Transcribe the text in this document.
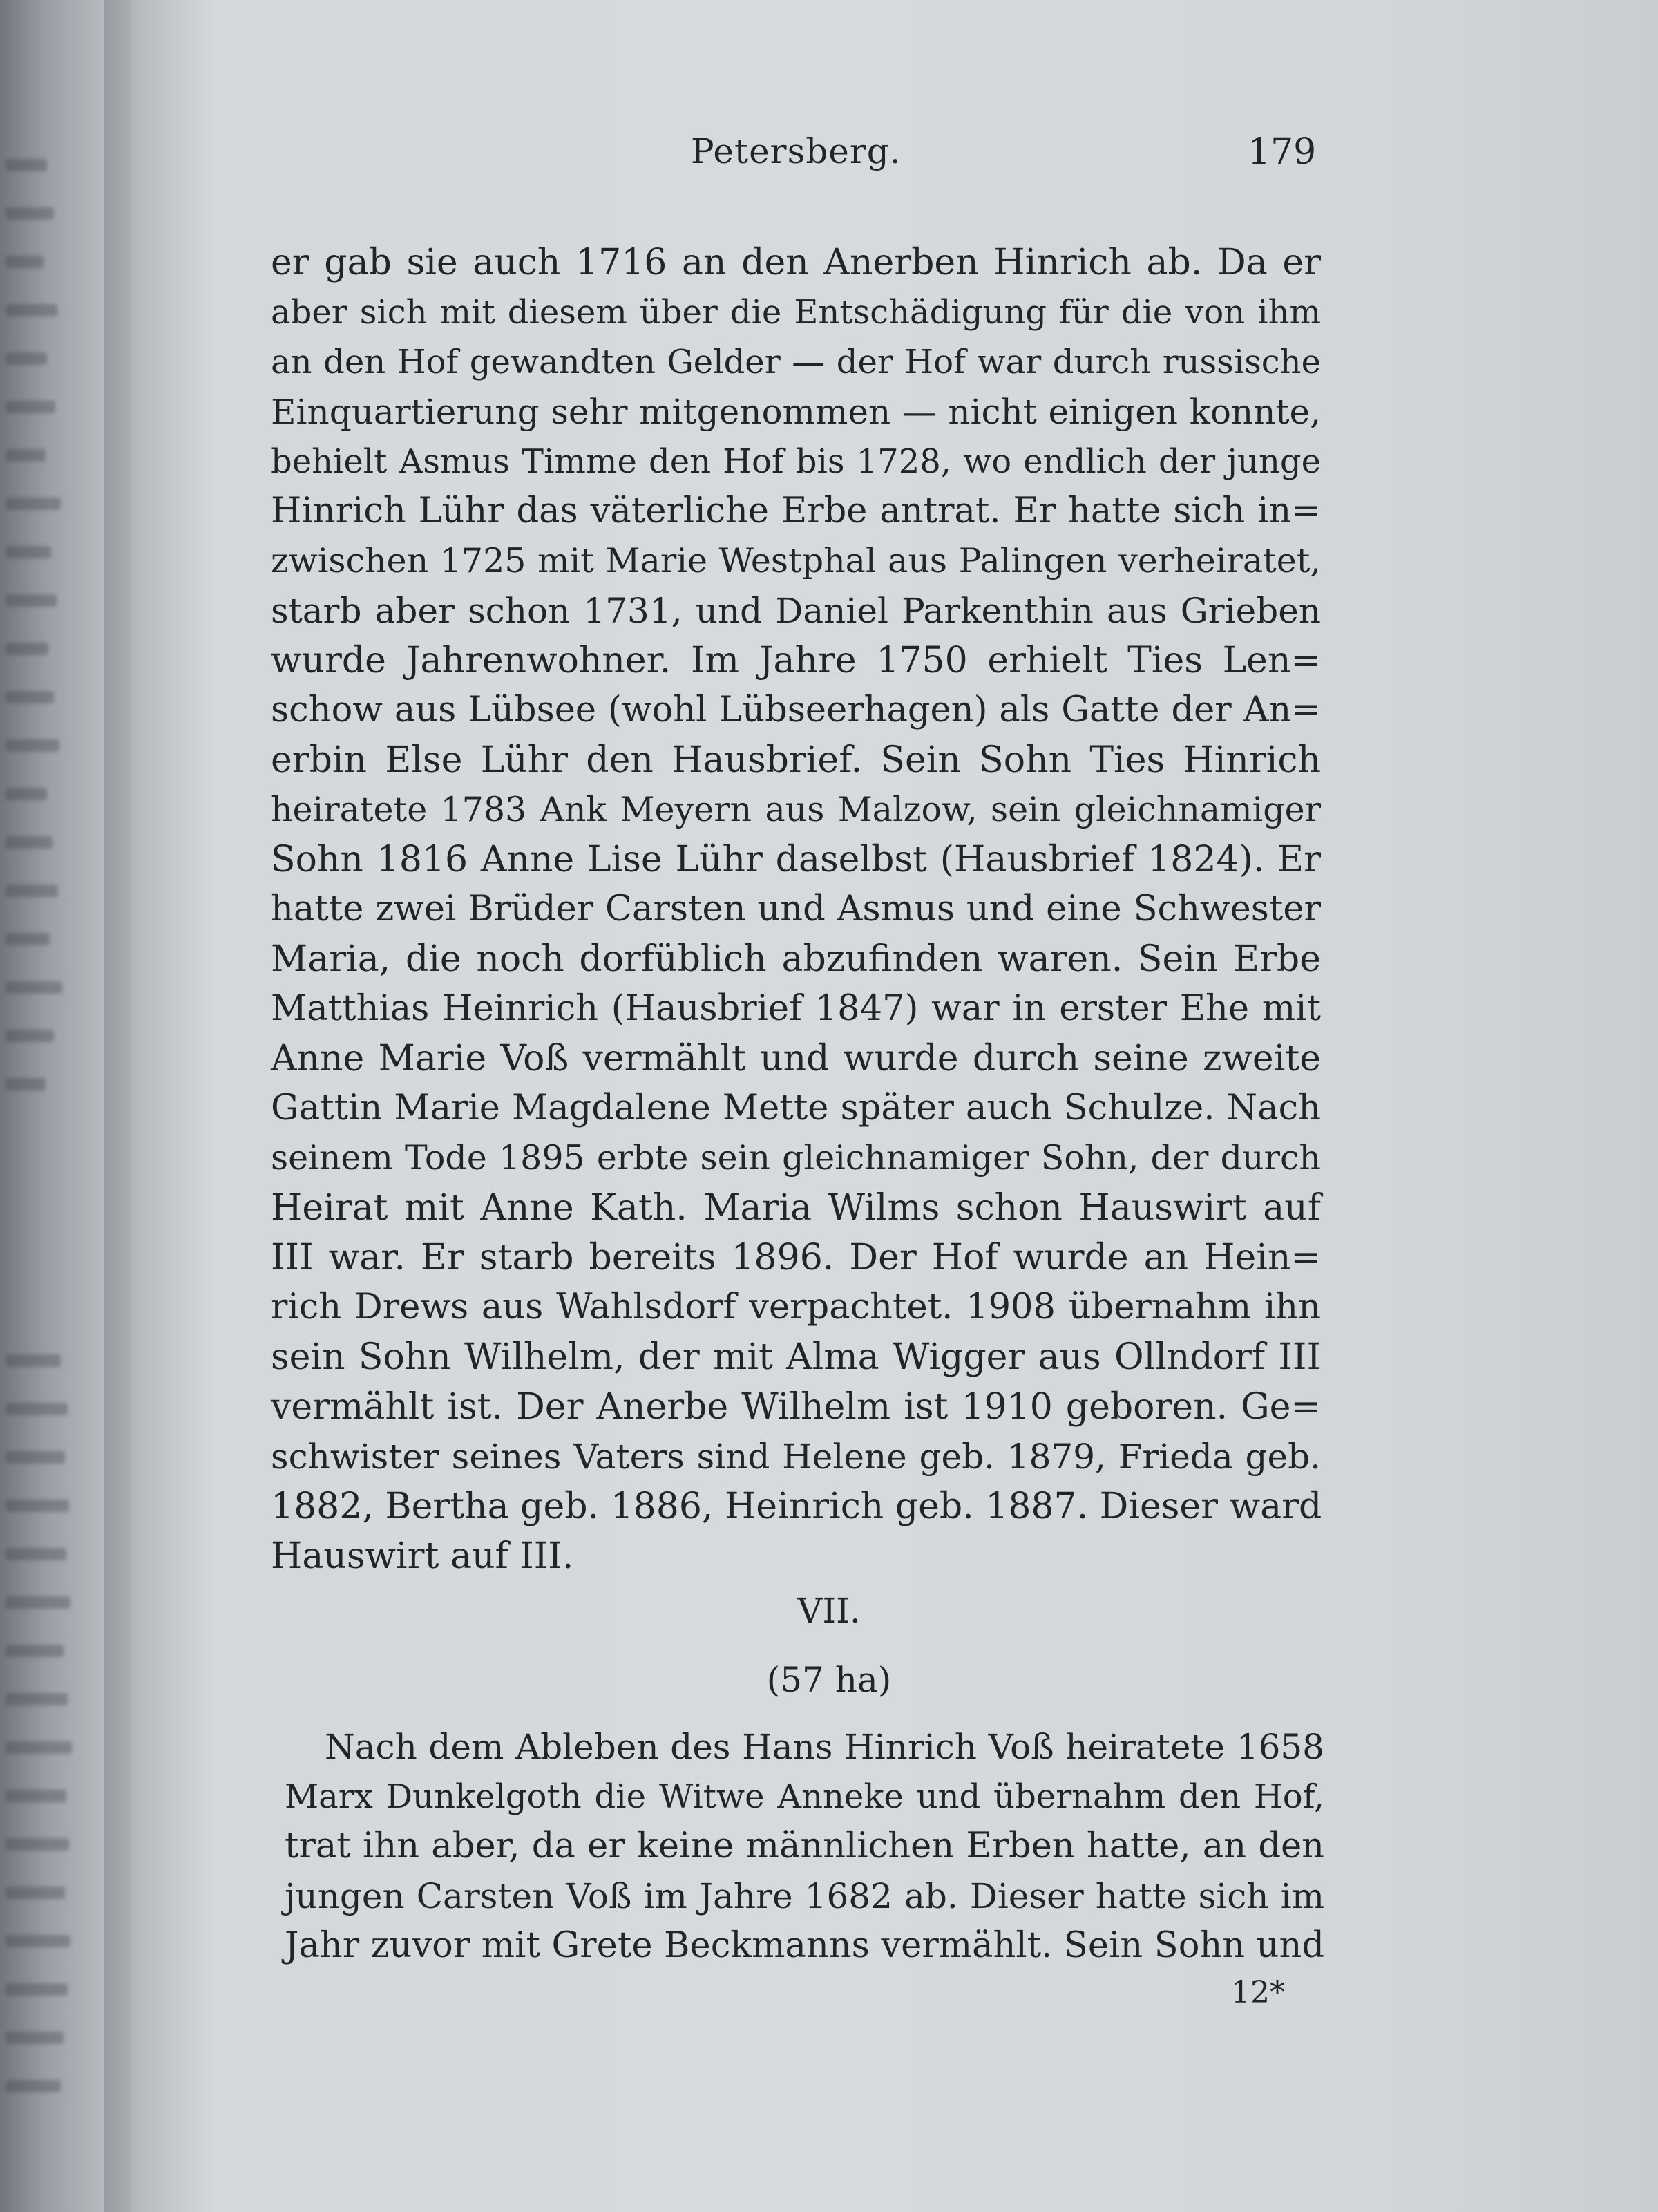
Petersberg.	179
er gab sie auch 1716 an den Anerben Hinrich ab. Da er
aber sich mit diesem über die Entschädigung für die von ihm
an den Hof gewandten Gelder — der Hof war durch russische
Einquartierung sehr mitgenommen — nicht einigen konnte,
behielt Asmus Timme den Hof bis 1728, wo endlich der junge
Hinrich Lühr das väterliche Erbe antrat. Er hatte sich in=
zwischen 1725 mit Marie Westphal aus Palingen verheiratet,
starb aber schon 1731, und Daniel Parkenthin aus Grieben
wurde Jahrenwohner. Im Jahre 1750 erhielt Ties Len=
schow aus Lübsee (wohl Lübseerhagen) als Gatte der An=
erbin Else Lühr den Hausbrief. Sein Sohn Ties Hinrich
heiratete 1783 Ank Meyern aus Malzow, sein gleichnamiger
Sohn 1816 Anne Lise Lühr daselbst (Hausbrief 1824). Er
hatte zwei Brüder Carsten und Asmus und eine Schwester
Maria, die noch dorfüblich abzufinden waren. Sein Erbe
Matthias Heinrich (Hausbrief 1847) war in erster Ehe mit
Anne Marie Voß vermählt und wurde durch seine zweite
Gattin Marie Magdalene Mette später auch Schulze. Nach
seinem Tode 1895 erbte sein gleichnamiger Sohn, der durch
Heirat mit Anne Kath. Maria Wilms schon Hauswirt auf
III war. Er starb bereits 1896. Der Hof wurde an Hein=
rich Drews aus Wahlsdorf verpachtet. 1908 übernahm ihn
sein Sohn Wilhelm, der mit Alma Wigger aus Ollndorf III
vermählt ist. Der Anerbe Wilhelm ist 1910 geboren. Ge=
schwister seines Vaters sind Helene geb. 1879, Frieda geb.
1882, Bertha geb. 1886, Heinrich geb. 1887. Dieser ward
Hauswirt auf III.
VII.
(57 ha)
Nach dem Ableben des Hans Hinrich Voß heiratete 1658
Marx Dunkelgoth die Witwe Anneke und übernahm den Hof,
trat ihn aber, da er keine männlichen Erben hatte, an den
jungen Carsten Voß im Jahre 1682 ab. Dieser hatte sich im
Jahr zuvor mit Grete Beckmanns vermählt. Sein Sohn und
12*
